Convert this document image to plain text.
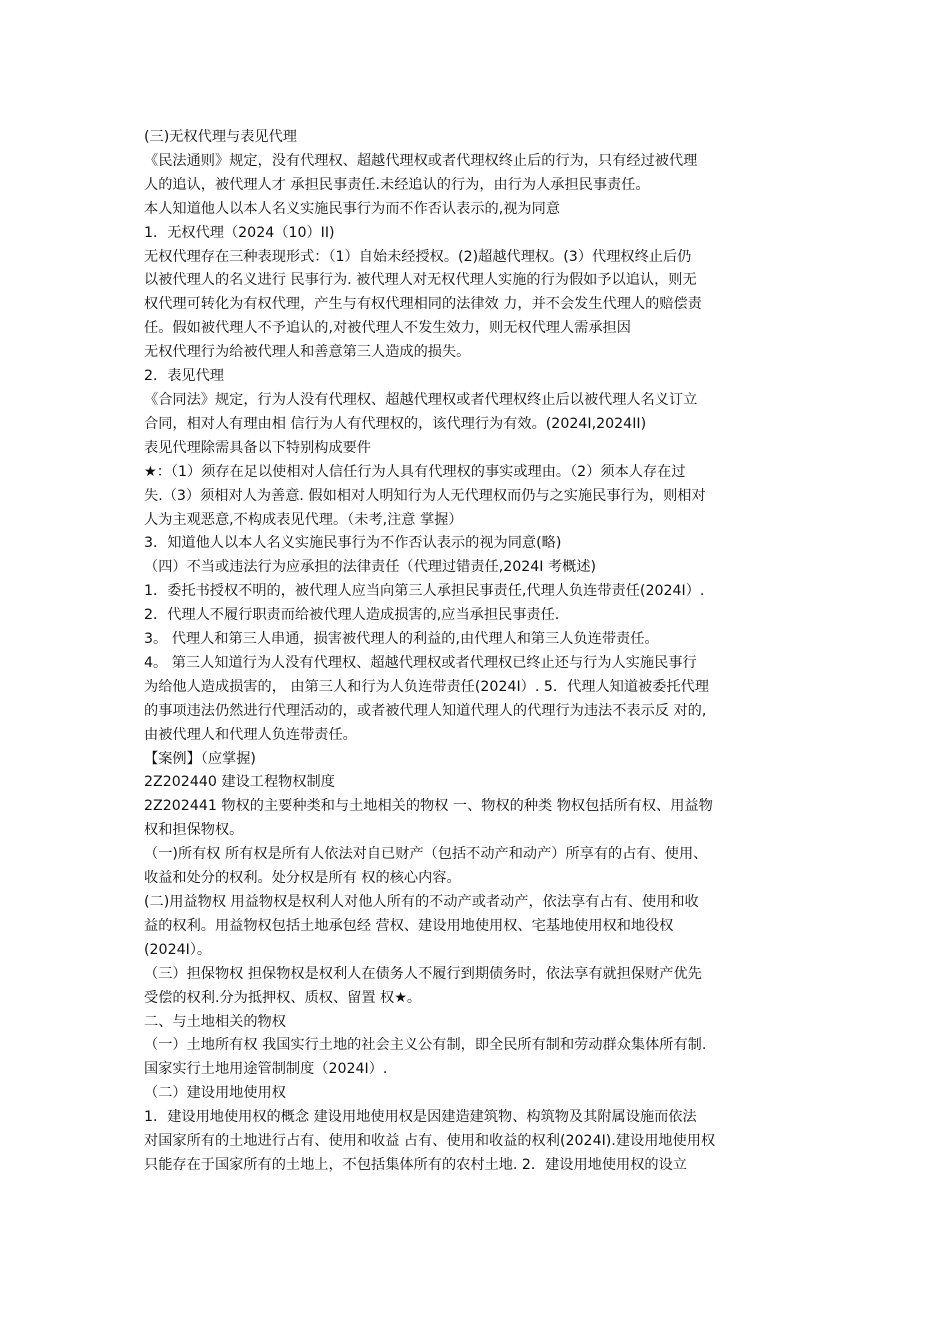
(三)无权代理与表见代理

《民法通则》规定，没有代理权、超越代理权或者代理权终止后的行为，只有经过被代理

人的追认，被代理人才 承担民事责任.未经追认的行为，由行为人承担民事责任。

本人知道他人以本人名义实施民事行为而不作否认表示的,视为同意

1．无权代理（2024（10）II)

无权代理存在三种表现形式：（1）自始未经授权。(2)超越代理权。(3）代理权终止后仍

以被代理人的名义进行 民事行为. 被代理人对无权代理人实施的行为假如予以追认，则无

权代理可转化为有权代理，产生与有权代理相同的法律效 力，并不会发生代理人的赔偿责

任。假如被代理人不予追认的,对被代理人不发生效力，则无权代理人需承担因

无权代理行为给被代理人和善意第三人造成的损失。

2．表见代理

《合同法》规定，行为人没有代理权、超越代理权或者代理权终止后以被代理人名义订立

合同，相对人有理由相 信行为人有代理权的，该代理行为有效。(2024I,2024II)

表见代理除需具备以下特别构成要件

★：（1）须存在足以使相对人信任行为人具有代理权的事实或理由。（2）须本人存在过

失.（3）须相对人为善意. 假如相对人明知行为人无代理权而仍与之实施民事行为，则相对

人为主观恶意,不构成表见代理。（未考,注意 掌握）

3．知道他人以本人名义实施民事行为不作否认表示的视为同意(略)

（四）不当或违法行为应承担的法律责任（代理过错责任,2024I 考概述)

1．委托书授权不明的，被代理人应当向第三人承担民事责任,代理人负连带责任(2024I）.

2．代理人不履行职责而给被代理人造成损害的,应当承担民事责任.

3。 代理人和第三人串通，损害被代理人的利益的,由代理人和第三人负连带责任。

4。 第三人知道行为人没有代理权、超越代理权或者代理权已终止还与行为人实施民事行

为给他人造成损害的， 由第三人和行为人负连带责任(2024I）. 5．代理人知道被委托代理

的事项违法仍然进行代理活动的，或者被代理人知道代理人的代理行为违法不表示反 对的,

由被代理人和代理人负连带责任。

【案例】（应掌握)

2Z202440 建设工程物权制度

2Z202441 物权的主要种类和与土地相关的物权 一、物权的种类 物权包括所有权、用益物

权和担保物权。

（一)所有权 所有权是所有人依法对自已财产（包括不动产和动产）所享有的占有、使用、

收益和处分的权利。处分权是所有 权的核心内容。

(二)用益物权 用益物权是权利人对他人所有的不动产或者动产，依法享有占有、使用和收

益的权利。用益物权包括土地承包经 营权、建设用地使用权、宅基地使用权和地役权

(2024I）。

（三）担保物权 担保物权是权利人在债务人不履行到期债务时，依法享有就担保财产优先

受偿的权利.分为抵押权、质权、留置 权★。

二、与土地相关的物权

（一）土地所有权 我国实行土地的社会主义公有制，即全民所有制和劳动群众集体所有制.

国家实行土地用途管制制度（2024I）.

（二）建设用地使用权

1．建设用地使用权的概念 建设用地使用权是因建造建筑物、构筑物及其附属设施而依法

对国家所有的土地进行占有、使用和收益 占有、使用和收益的权利(2024I).建设用地使用权

只能存在于国家所有的土地上，不包括集体所有的农村土地. 2．建设用地使用权的设立
